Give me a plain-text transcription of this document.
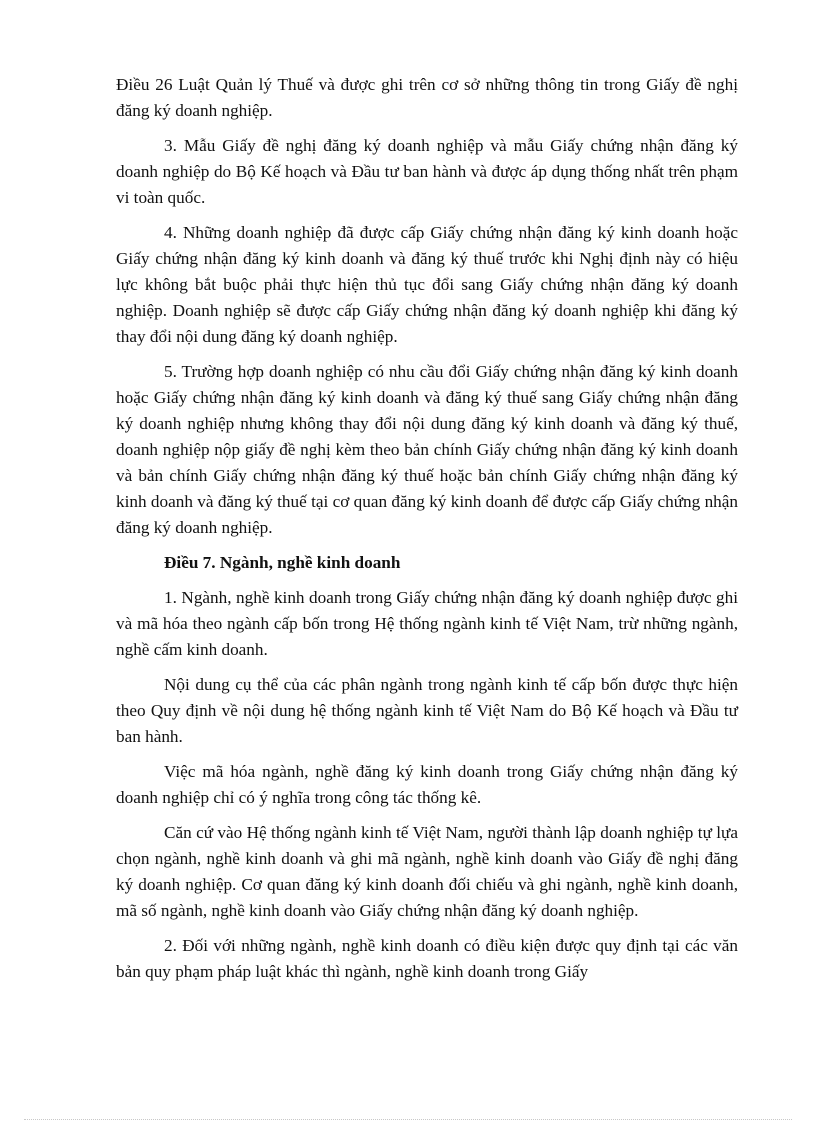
Điều 26 Luật Quản lý Thuế và được ghi trên cơ sở những thông tin trong Giấy đề nghị đăng ký doanh nghiệp.

3. Mẫu Giấy đề nghị đăng ký doanh nghiệp và mẫu Giấy chứng nhận đăng ký doanh nghiệp do Bộ Kế hoạch và Đầu tư ban hành và được áp dụng thống nhất trên phạm vi toàn quốc.

4. Những doanh nghiệp đã được cấp Giấy chứng nhận đăng ký kinh doanh hoặc Giấy chứng nhận đăng ký kinh doanh và đăng ký thuế trước khi Nghị định này có hiệu lực không bắt buộc phải thực hiện thủ tục đổi sang Giấy chứng nhận đăng ký doanh nghiệp. Doanh nghiệp sẽ được cấp Giấy chứng nhận đăng ký doanh nghiệp khi đăng ký thay đổi nội dung đăng ký doanh nghiệp.

5. Trường hợp doanh nghiệp có nhu cầu đổi Giấy chứng nhận đăng ký kinh doanh hoặc Giấy chứng nhận đăng ký kinh doanh và đăng ký thuế sang Giấy chứng nhận đăng ký doanh nghiệp nhưng không thay đổi nội dung đăng ký kinh doanh và đăng ký thuế, doanh nghiệp nộp giấy đề nghị kèm theo bản chính Giấy chứng nhận đăng ký kinh doanh và bản chính Giấy chứng nhận đăng ký thuế hoặc bản chính Giấy chứng nhận đăng ký kinh doanh và đăng ký thuế tại cơ quan đăng ký kinh doanh để được cấp Giấy chứng nhận đăng ký doanh nghiệp.

Điều 7. Ngành, nghề kinh doanh

1. Ngành, nghề kinh doanh trong Giấy chứng nhận đăng ký doanh nghiệp được ghi và mã hóa theo ngành cấp bốn trong Hệ thống ngành kinh tế Việt Nam, trừ những ngành, nghề cấm kinh doanh.

Nội dung cụ thể của các phân ngành trong ngành kinh tế cấp bốn được thực hiện theo Quy định về nội dung hệ thống ngành kinh tế Việt Nam do Bộ Kế hoạch và Đầu tư ban hành.

Việc mã hóa ngành, nghề đăng ký kinh doanh trong Giấy chứng nhận đăng ký doanh nghiệp chỉ có ý nghĩa trong công tác thống kê.

Căn cứ vào Hệ thống ngành kinh tế Việt Nam, người thành lập doanh nghiệp tự lựa chọn ngành, nghề kinh doanh và ghi mã ngành, nghề kinh doanh vào Giấy đề nghị đăng ký doanh nghiệp. Cơ quan đăng ký kinh doanh đối chiếu và ghi ngành, nghề kinh doanh, mã số ngành, nghề kinh doanh vào Giấy chứng nhận đăng ký doanh nghiệp.

2. Đối với những ngành, nghề kinh doanh có điều kiện được quy định tại các văn bản quy phạm pháp luật khác thì ngành, nghề kinh doanh trong Giấy
